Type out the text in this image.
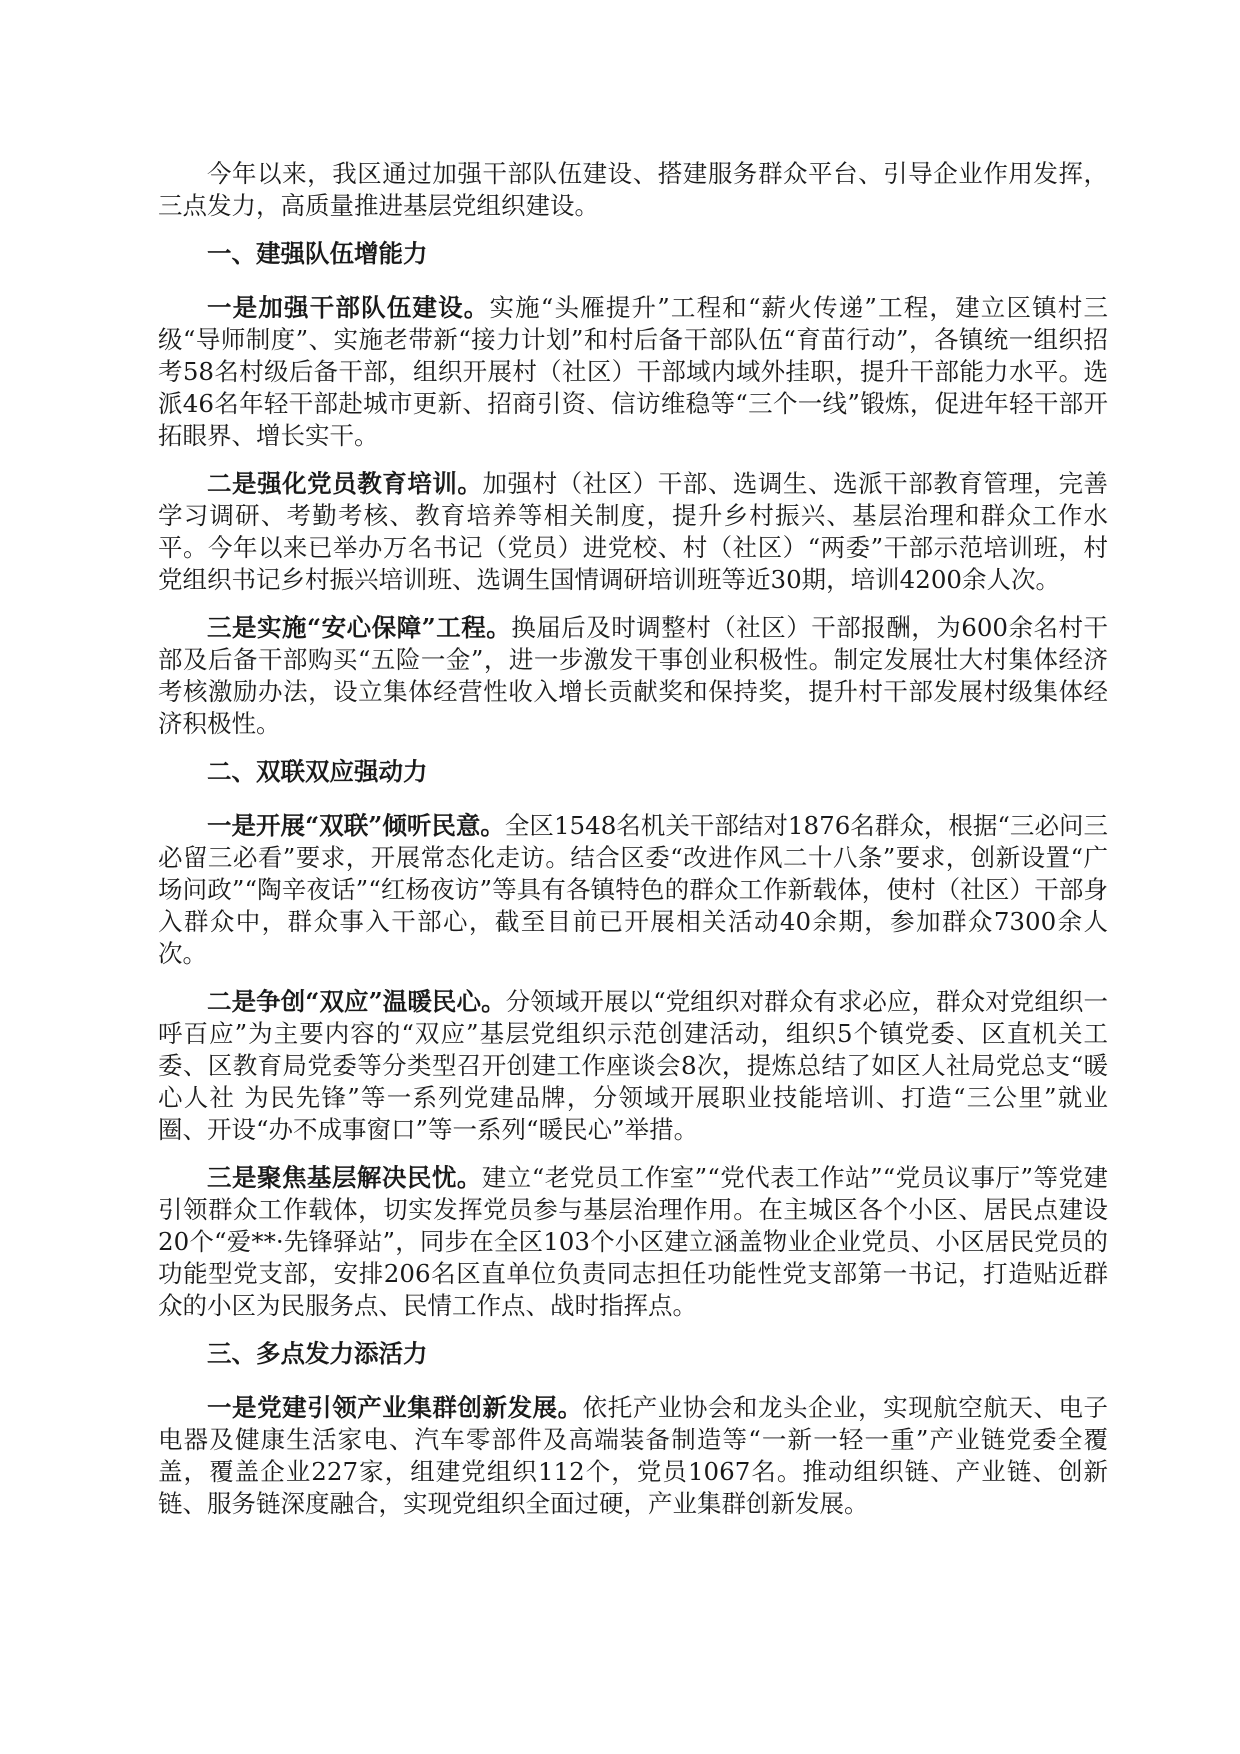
今年以来，我区通过加强干部队伍建设、搭建服务群众平台、引导企业作用发挥，三点发力，高质量推进基层党组织建设。

一、建强队伍增能力

一是加强干部队伍建设。实施“头雁提升”工程和“薪火传递”工程，建立区镇村三级“导师制度”、实施老带新“接力计划”和村后备干部队伍“育苗行动”，各镇统一组织招考58名村级后备干部，组织开展村（社区）干部域内域外挂职，提升干部能力水平。选派46名年轻干部赴城市更新、招商引资、信访维稳等“三个一线”锻炼，促进年轻干部开拓眼界、增长实干。

二是强化党员教育培训。加强村（社区）干部、选调生、选派干部教育管理，完善学习调研、考勤考核、教育培养等相关制度，提升乡村振兴、基层治理和群众工作水平。今年以来已举办万名书记（党员）进党校、村（社区）“两委”干部示范培训班，村党组织书记乡村振兴培训班、选调生国情调研培训班等近30期，培训4200余人次。

三是实施“安心保障”工程。换届后及时调整村（社区）干部报酬，为600余名村干部及后备干部购买“五险一金”，进一步激发干事创业积极性。制定发展壮大村集体经济考核激励办法，设立集体经营性收入增长贡献奖和保持奖，提升村干部发展村级集体经济积极性。

二、双联双应强动力

一是开展“双联”倾听民意。全区1548名机关干部结对1876名群众，根据“三必问三必留三必看”要求，开展常态化走访。结合区委“改进作风二十八条”要求，创新设置“广场问政”“陶辛夜话”“红杨夜访”等具有各镇特色的群众工作新载体，使村（社区）干部身入群众中，群众事入干部心，截至目前已开展相关活动40余期，参加群众7300余人次。

二是争创“双应”温暖民心。分领域开展以“党组织对群众有求必应，群众对党组织一呼百应”为主要内容的“双应”基层党组织示范创建活动，组织5个镇党委、区直机关工委、区教育局党委等分类型召开创建工作座谈会8次，提炼总结了如区人社局党总支“暖心人社 为民先锋”等一系列党建品牌，分领域开展职业技能培训、打造“三公里”就业圈、开设“办不成事窗口”等一系列“暖民心”举措。

三是聚焦基层解决民忧。建立“老党员工作室”“党代表工作站”“党员议事厅”等党建引领群众工作载体，切实发挥党员参与基层治理作用。在主城区各个小区、居民点建设20个“爱**·先锋驿站”，同步在全区103个小区建立涵盖物业企业党员、小区居民党员的功能型党支部，安排206名区直单位负责同志担任功能性党支部第一书记，打造贴近群众的小区为民服务点、民情工作点、战时指挥点。

三、多点发力添活力

一是党建引领产业集群创新发展。依托产业协会和龙头企业，实现航空航天、电子电器及健康生活家电、汽车零部件及高端装备制造等“一新一轻一重”产业链党委全覆盖，覆盖企业227家，组建党组织112个，党员1067名。推动组织链、产业链、创新链、服务链深度融合，实现党组织全面过硬，产业集群创新发展。
